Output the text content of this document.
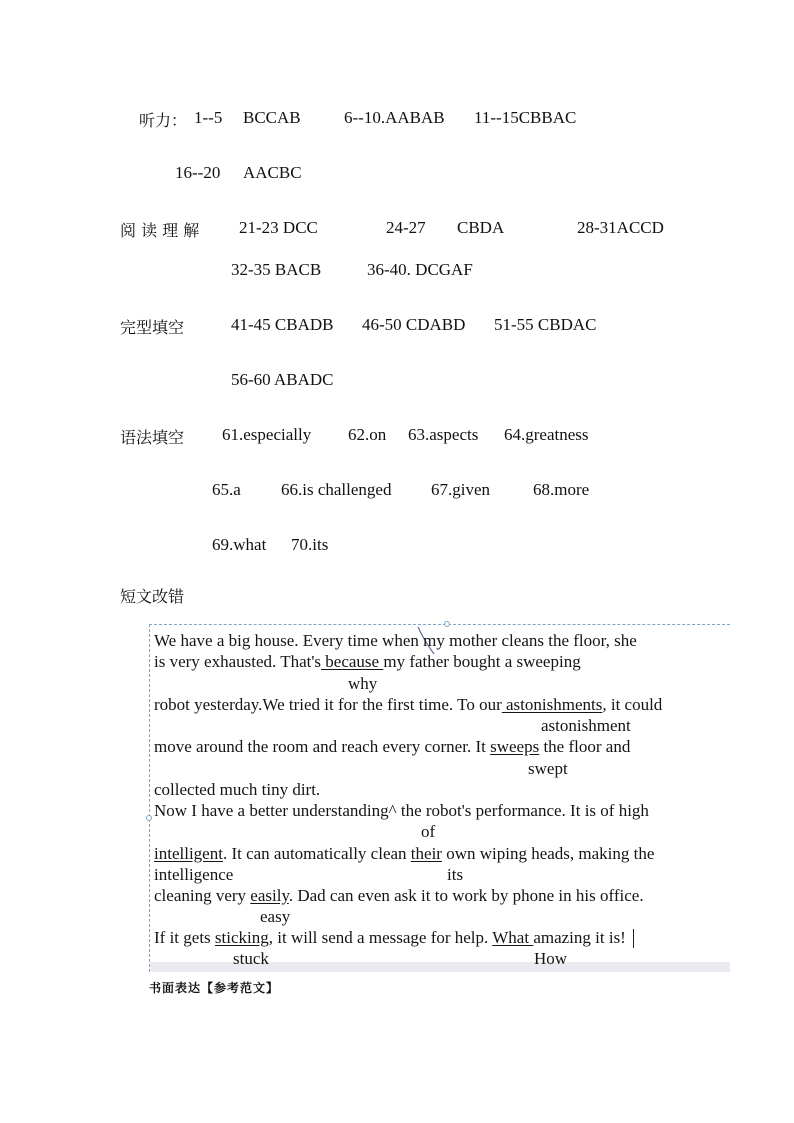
听力： 1--5 BCCAB	6--10.AABAB 11--15CBBAC
16--20 AACBC
阅 读 理 解 21-23 DCC	24-27 CBDA	28-31ACCD
32-35 BACB	36-40. DCGAF
完型填空	41-45 CBADB 46-50 CDABD 51-55 CBDAC
56-60 ABADC
语法填空 61.especially 62.on 63.aspects 64.greatness
65.a 66.is challenged 67.given	68.more
69.what 70.its
短文改错
We have a big house. Every time when my mother cleans the floor, she
is very exhausted. That's because my father bought a sweeping
why
robot yesterday.We tried it for the first time. To our astonishments, it could
astonishment
move around the room and reach every corner. It sweeps the floor and
swept
collected much tiny dirt.
Now I have a better understanding^ the robot's performance. It is of high
of
intelligent. It can automatically clean their own wiping heads, making the
intelligence	its
cleaning very easily. Dad can even ask it to work by phone in his office.
easy
If it gets sticking, it will send a message for help. What amazing it is!
stuck	How
书面表达【参考范文】
